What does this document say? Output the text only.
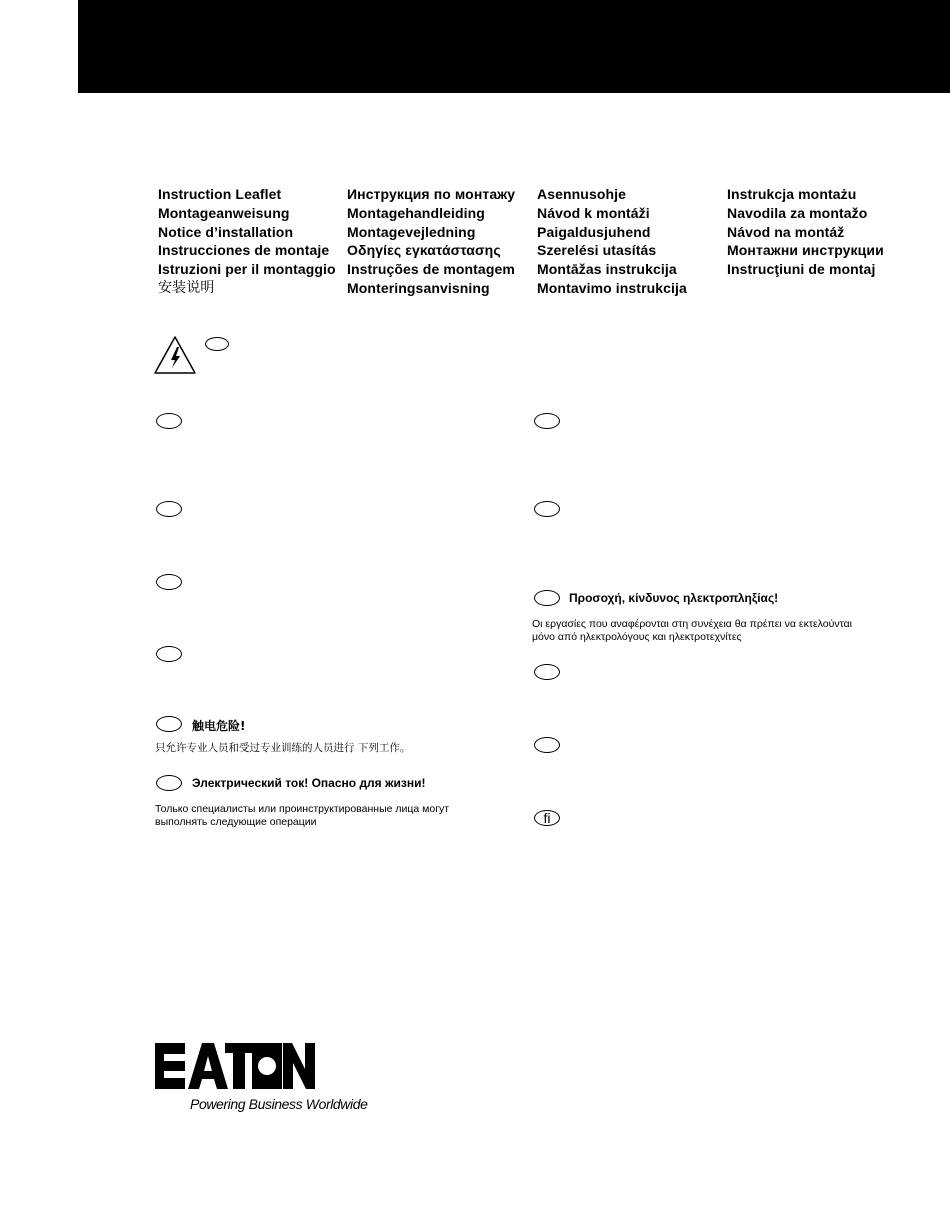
Instruction Leaflet
Montageanweisung
Notice d’installation
Instrucciones de montaje
Istruzioni per il montaggio
安装说明
Инструкция по монтажу
Montagehandleiding
Montagevejledning
Οδηγίες εγκατάστασης
Instruções de montagem
Monteringsanvisning
Asennusohje
Návod k montáži
Paigaldusjuhend
Szerelési utasítás
Montāžas instrukcija
Montavimo instrukcija
Instrukcja montażu
Navodila za montažo
Návod na montáž
Монтажни инструкции
Instrucţiuni de montaj
触电危险!
只允许专业人员和受过专业训练的人员进行 下列工作。
Электрический ток! Опасно для жизни!
Только специалисты или проинструктированные лица могут
выполнять следующие операции
Προσοχή, κίνδυνος ηλεκτροπληξίας!
Οι εργασίες που αναφέρονται στη συνέχεια θα πρέπει να εκτελούνται
μόνο από ηλεκτρολόγους και ηλεκτροτεχνίτες
fi
Powering Business Worldwide
